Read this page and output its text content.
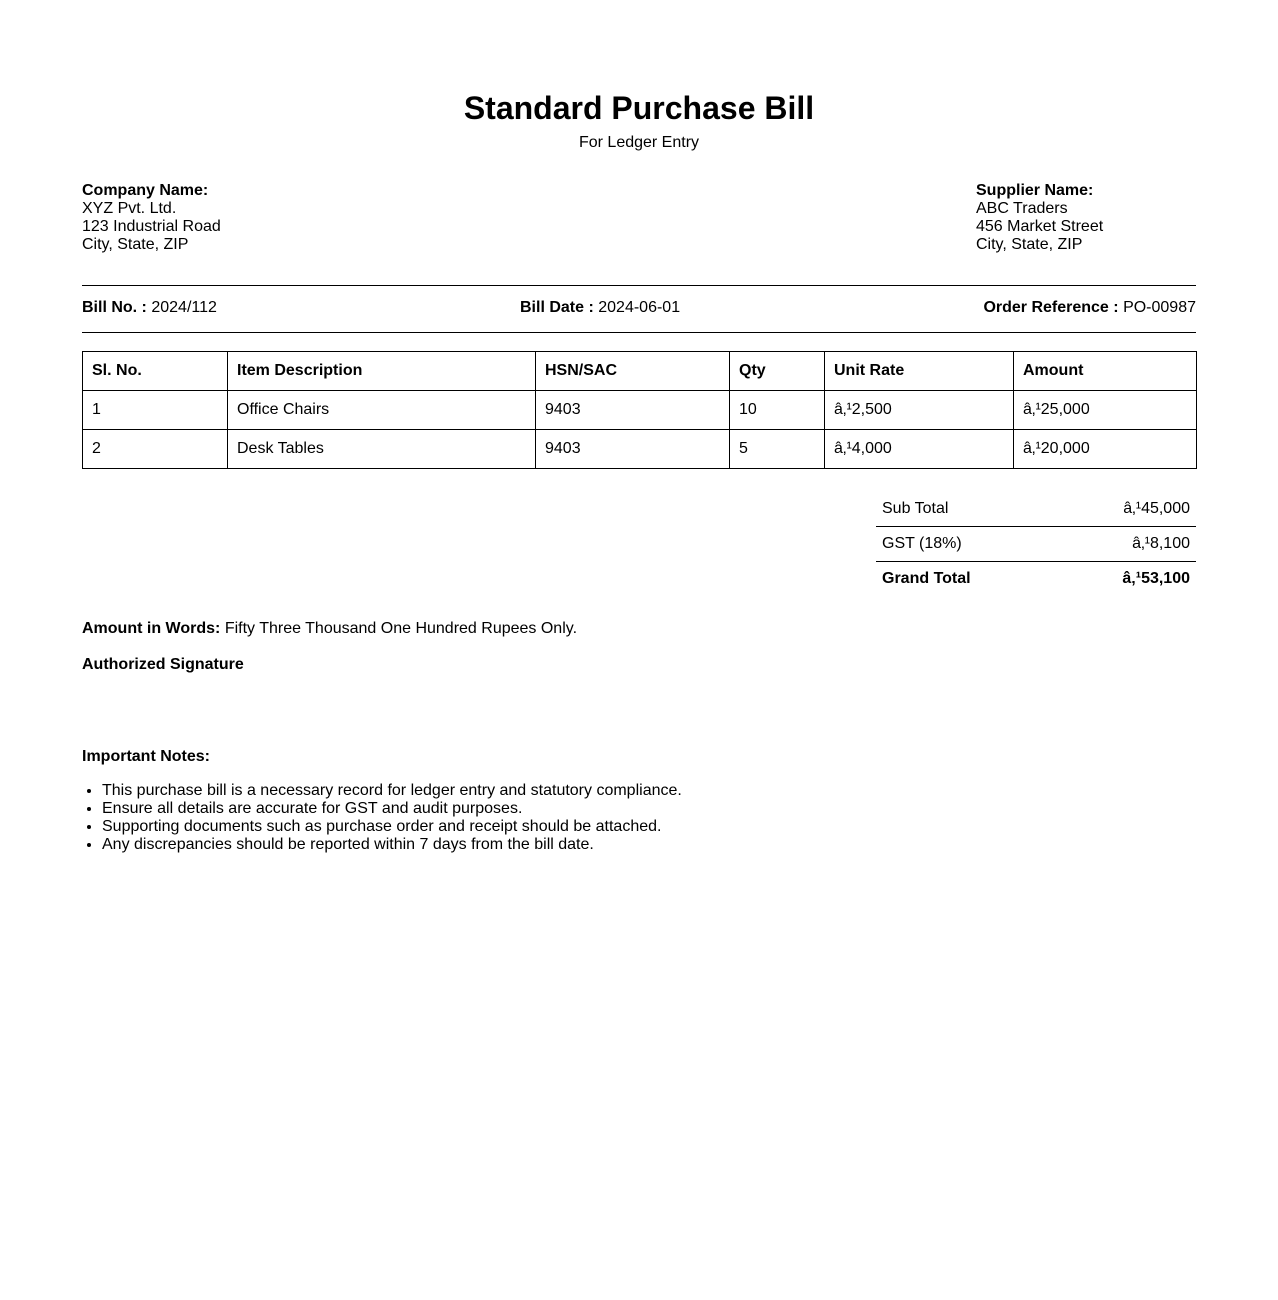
Standard Purchase Bill
For Ledger Entry
Company Name:
XYZ Pvt. Ltd.
123 Industrial Road
City, State, ZIP
Supplier Name:
ABC Traders
456 Market Street
City, State, ZIP
Bill No. : 2024/112	Bill Date : 2024-06-01	Order Reference : PO-00987
Sl. No.	Item Description	HSN/SAC	Qty	Unit Rate	Amount
1	Office Chairs	9403	10	â‚¹2,500	â‚¹25,000
2	Desk Tables	9403	5	â‚¹4,000	â‚¹20,000
Sub Total	â‚¹45,000
GST (18%)	â‚¹8,100
Grand Total	â‚¹53,100
Amount in Words: Fifty Three Thousand One Hundred Rupees Only.
Authorized Signature
Important Notes:
• This purchase bill is a necessary record for ledger entry and statutory compliance.
• Ensure all details are accurate for GST and audit purposes.
• Supporting documents such as purchase order and receipt should be attached.
• Any discrepancies should be reported within 7 days from the bill date.
